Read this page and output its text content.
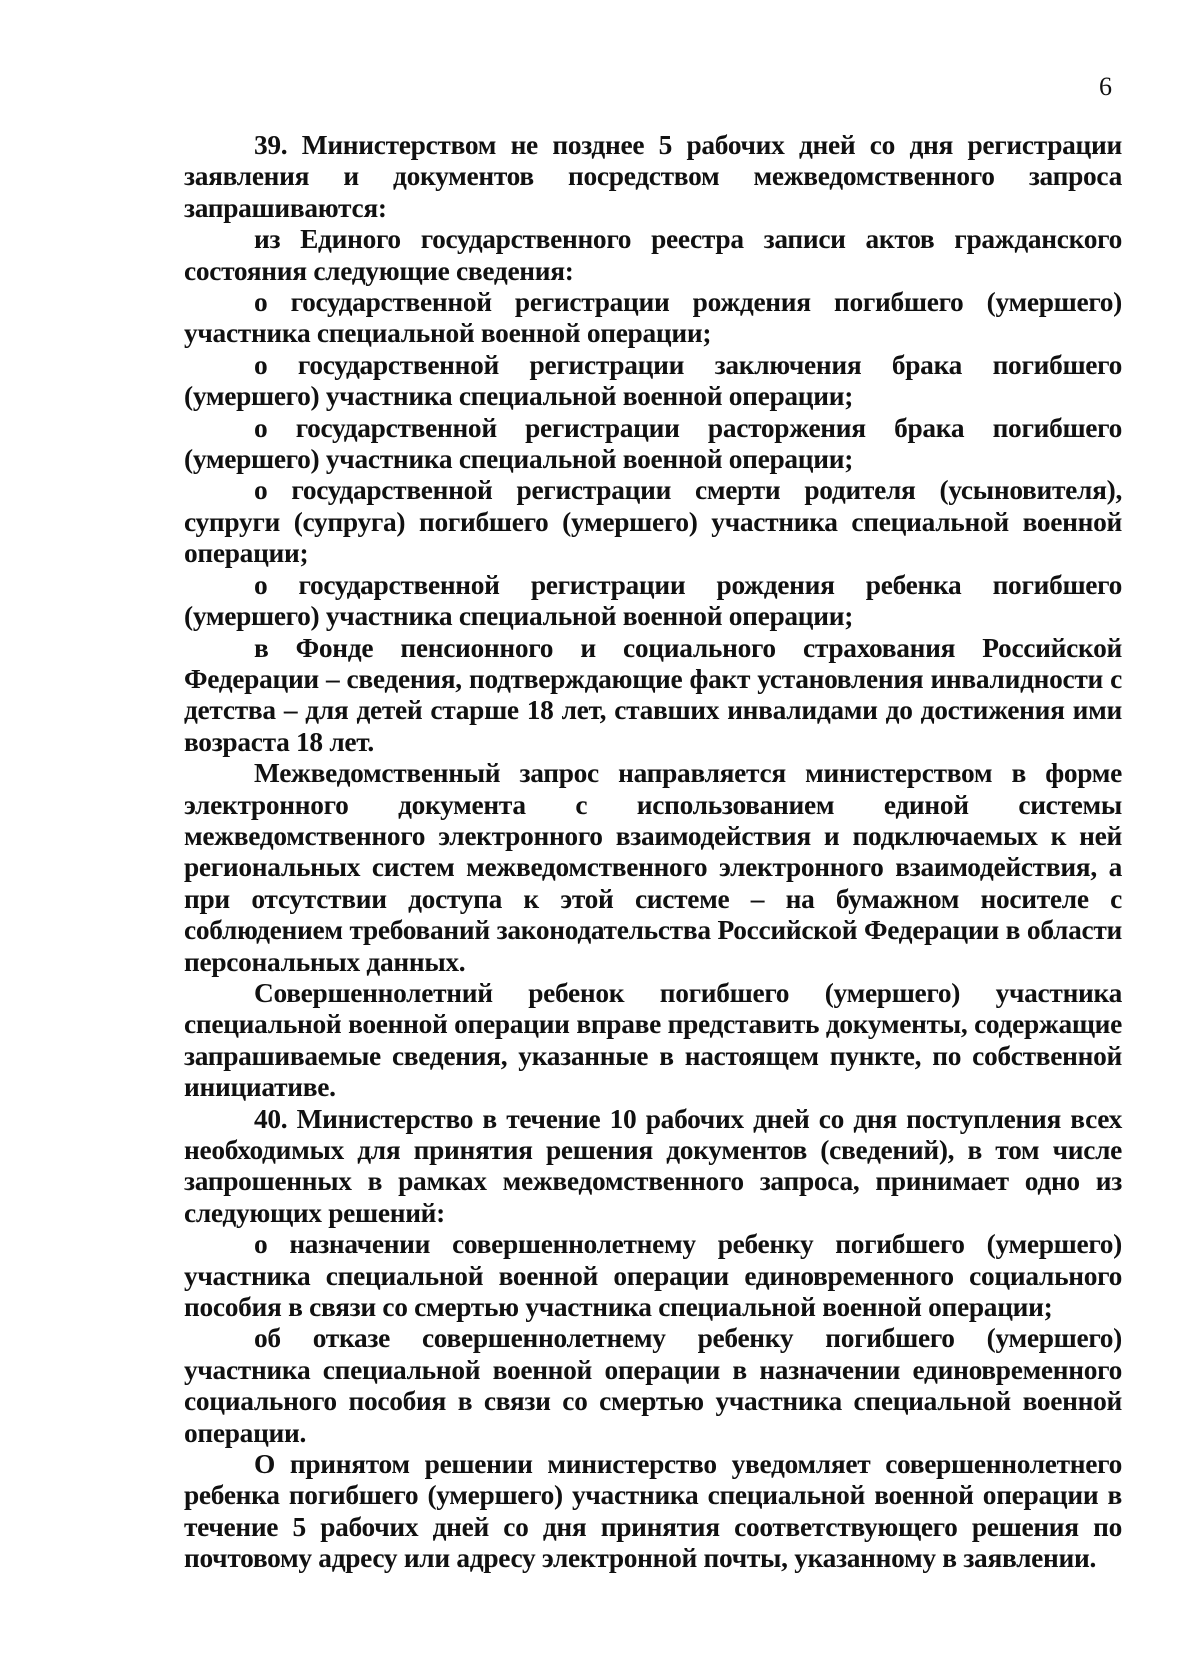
6

39. Министерством не позднее 5 рабочих дней со дня регистрации заявления и документов посредством межведомственного запроса запрашиваются:

из Единого государственного реестра записи актов гражданского состояния следующие сведения:

о государственной регистрации рождения погибшего (умершего) участника специальной военной операции;

о государственной регистрации заключения брака погибшего (умершего) участника специальной военной операции;

о государственной регистрации расторжения брака погибшего (умершего) участника специальной военной операции;

о государственной регистрации смерти родителя (усыновителя), супруги (супруга) погибшего (умершего) участника специальной военной операции;

о государственной регистрации рождения ребенка погибшего (умершего) участника специальной военной операции;

в Фонде пенсионного и социального страхования Российской Федерации – сведения, подтверждающие факт установления инвалидности с детства – для детей старше 18 лет, ставших инвалидами до достижения ими возраста 18 лет.

Межведомственный запрос направляется министерством в форме электронного документа с использованием единой системы межведомственного электронного взаимодействия и подключаемых к ней региональных систем межведомственного электронного взаимодействия, а при отсутствии доступа к этой системе – на бумажном носителе с соблюдением требований законодательства Российской Федерации в области персональных данных.

Совершеннолетний ребенок погибшего (умершего) участника специальной военной операции вправе представить документы, содержащие запрашиваемые сведения, указанные в настоящем пункте, по собственной инициативе.

40. Министерство в течение 10 рабочих дней со дня поступления всех необходимых для принятия решения документов (сведений), в том числе запрошенных в рамках межведомственного запроса, принимает одно из следующих решений:

о назначении совершеннолетнему ребенку погибшего (умершего) участника специальной военной операции единовременного социального пособия в связи со смертью участника специальной военной операции;

об отказе совершеннолетнему ребенку погибшего (умершего) участника специальной военной операции в назначении единовременного социального пособия в связи со смертью участника специальной военной операции.

О принятом решении министерство уведомляет совершеннолетнего ребенка погибшего (умершего) участника специальной военной операции в течение 5 рабочих дней со дня принятия соответствующего решения по почтовому адресу или адресу электронной почты, указанному в заявлении.
